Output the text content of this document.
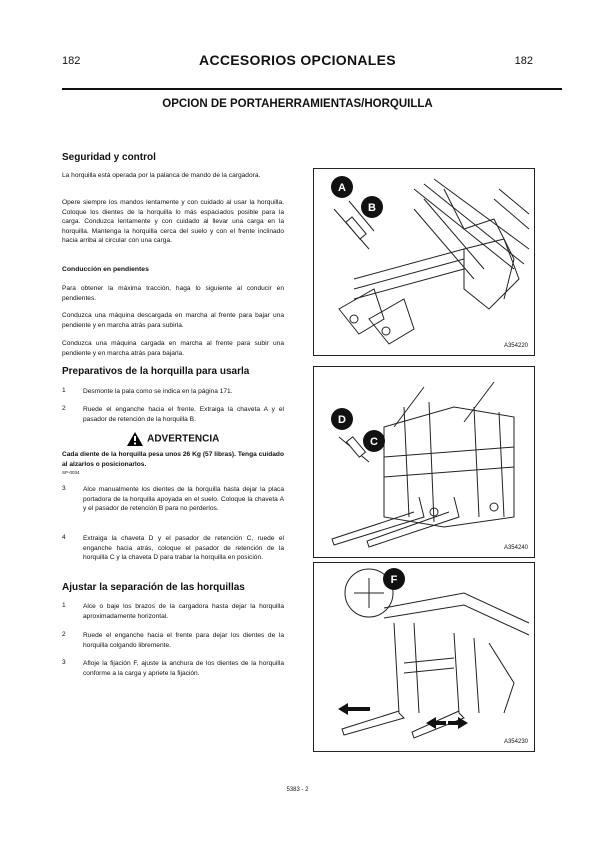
182	ACCESORIOS OPCIONALES	182
OPCION DE PORTAHERRAMIENTAS/HORQUILLA
Seguridad y control
La horquilla está operada por la palanca de mando de la cargadora.
Opere siempre los mandos lentamente y con cuidado al usar la horquilla. Coloque los dientes de la horquilla lo más espaciados posible para la carga. Conduzca lentamente y con cuidado al llevar una carga en la horquilla. Mantenga la horquilla cerca del suelo y con el frente inclinado hacia arriba al circular con una carga.
Conducción en pendientes
Para obtener la máxima tracción, haga lo siguiente al conducir en pendientes.
Conduzca una máquina descargada en marcha al frente para bajar una pendiente y en marcha atrás para subirla.
Conduzca una máquina cargada en marcha al frente para subir una pendiente y en marcha atrás para bajarla.
Preparativos de la horquilla para usarla
1	Desmonte la pala como se indica en la página 171.
2	Ruede el enganche hacia el frente. Extraiga la chaveta A y el pasador de retención de la horquilla B.
ADVERTENCIA
Cada diente de la horquilla pesa unos 26 Kg (57 libras). Tenga cuidado al alzarlos o posicionarlos.
SP-0034
3	Alce manualmente los dientes de la horquilla hasta dejar la placa portadora de la horquilla apoyada en el suelo. Coloque la chaveta A y el pasador de retención B para no perderlos.
4	Extraiga la chaveta D y el pasador de retención C, ruede el enganche hacia atrás, coloque el pasador de retención de la horquilla C y la chaveta D para trabar la horquilla en posición.
Ajustar la separación de las horquillas
1	Alce o baje los brazos de la cargadora hasta dejar la horquilla aproximadamente horizontal.
2	Ruede el enganche hacia el frente para dejar los dientes de la horquilla colgando libremente.
3	Afloje la fijación F, ajuste la anchura de los dientes de la horquilla conforme a la carga y apriete la fijación.
A
B
A354220
D
C
A354240
F
A354230
5383 - 2
